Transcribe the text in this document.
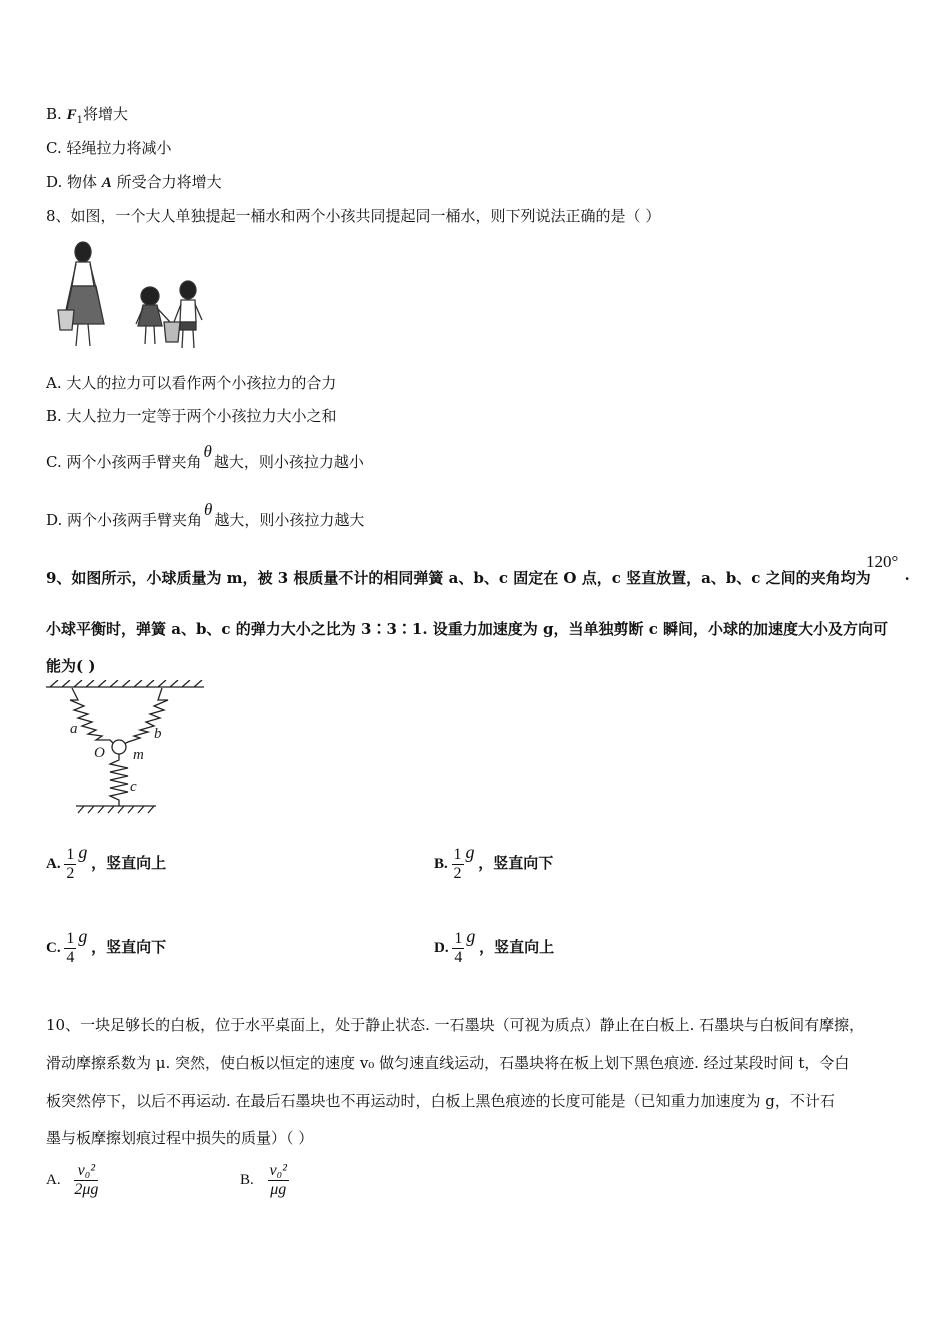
B. $F_1$将增大
C. 轻绳拉力将减小
D. 物体 A 所受合力将增大
8、如图，一个大人单独提起一桶水和两个小孩共同提起同一桶水，则下列说法正确的是（ ）
A. 大人的拉力可以看作两个小孩拉力的合力
B. 大人拉力一定等于两个小孩拉力大小之和
C. 两个小孩两手臂夹角θ越大，则小孩拉力越小
D. 两个小孩两手臂夹角θ越大，则小孩拉力越大
9、如图所示，小球质量为 m，被 3 根质量不计的相同弹簧 a、b、c 固定在 O 点，c 竖直放置，a、b、c 之间的夹角均为
120°
.
小球平衡时，弹簧 a、b、c 的弹力大小之比为 3∶3∶1. 设重力加速度为 g，当单独剪断 c 瞬间，小球的加速度大小及方向可
能为( )
a	b
O m
c
A. $\frac{1}{2}$ g ，竖直向上	B. $\frac{1}{2}$ g ，竖直向下
C. $\frac{1}{4}$ g ，竖直向下	D. $\frac{1}{4}$ g ，竖直向上
10、一块足够长的白板，位于水平桌面上，处于静止状态. 一石墨块（可视为质点）静止在白板上. 石墨块与白板间有摩擦，
滑动摩擦系数为 μ. 突然，使白板以恒定的速度 v₀ 做匀速直线运动，石墨块将在板上划下黑色痕迹. 经过某段时间 t，令白
板突然停下，以后不再运动. 在最后石墨块也不再运动时，白板上黑色痕迹的长度可能是（已知重力加速度为 g，不计石
墨与板摩擦划痕过程中损失的质量）（ ）
A. $\frac{\text{v₀²}}{2\mu g}$	B. $\frac{\text{v₀²}}{\mu g}$
